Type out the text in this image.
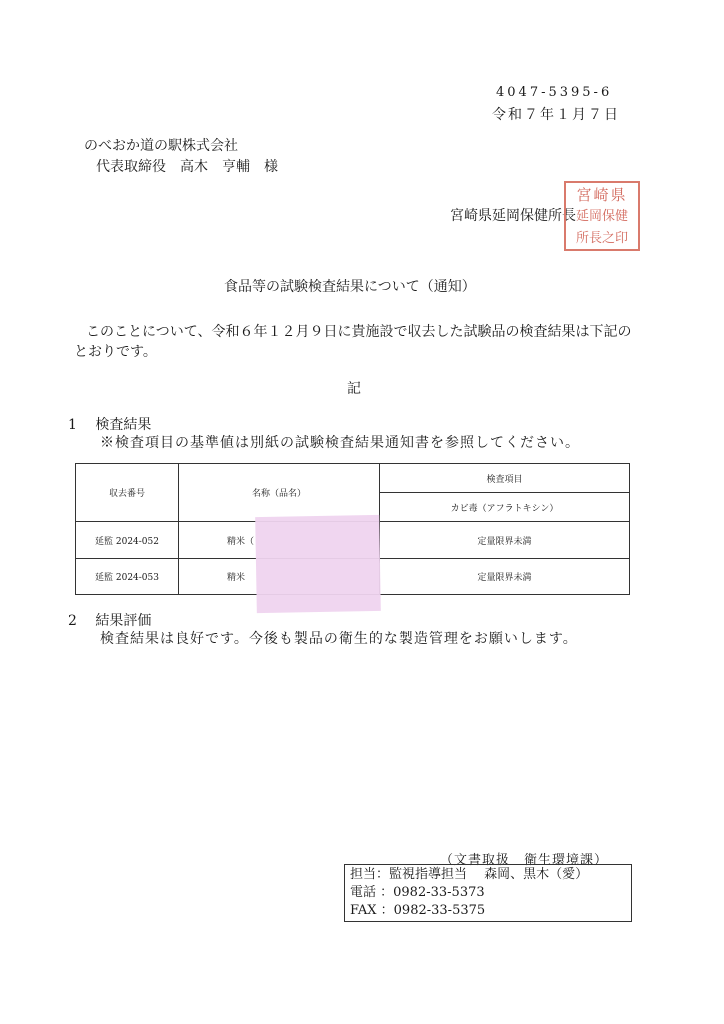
4047-5395-6
令和７年１月７日
のべおか道の駅株式会社
代表取締役　高木　亨輔　様
宮崎県延岡保健所長
宮崎県
延岡保健
所長之印
食品等の試験検査結果について（通知）
このことについて、令和６年１２月９日に貴施設で収去した試験品の検査結果は下記のとおりです。
記
1　 検査結果
※検査項目の基準値は別紙の試験検査結果通知書を参照してください。
収去番号	名称（品名）	検査項目
		カビ毒（アフラトキシン）
延監 2024-052	精米（	定量限界未満
延監 2024-053	精米	定量限界未満
2　 結果評価
検査結果は良好です。今後も製品の衛生的な製造管理をお願いします。
（文書取扱　衛生環境課）
担当：監視指導担当　 森岡、黒木（愛）
電話 ：0982-33-5373
FAX ：0982-33-5375
